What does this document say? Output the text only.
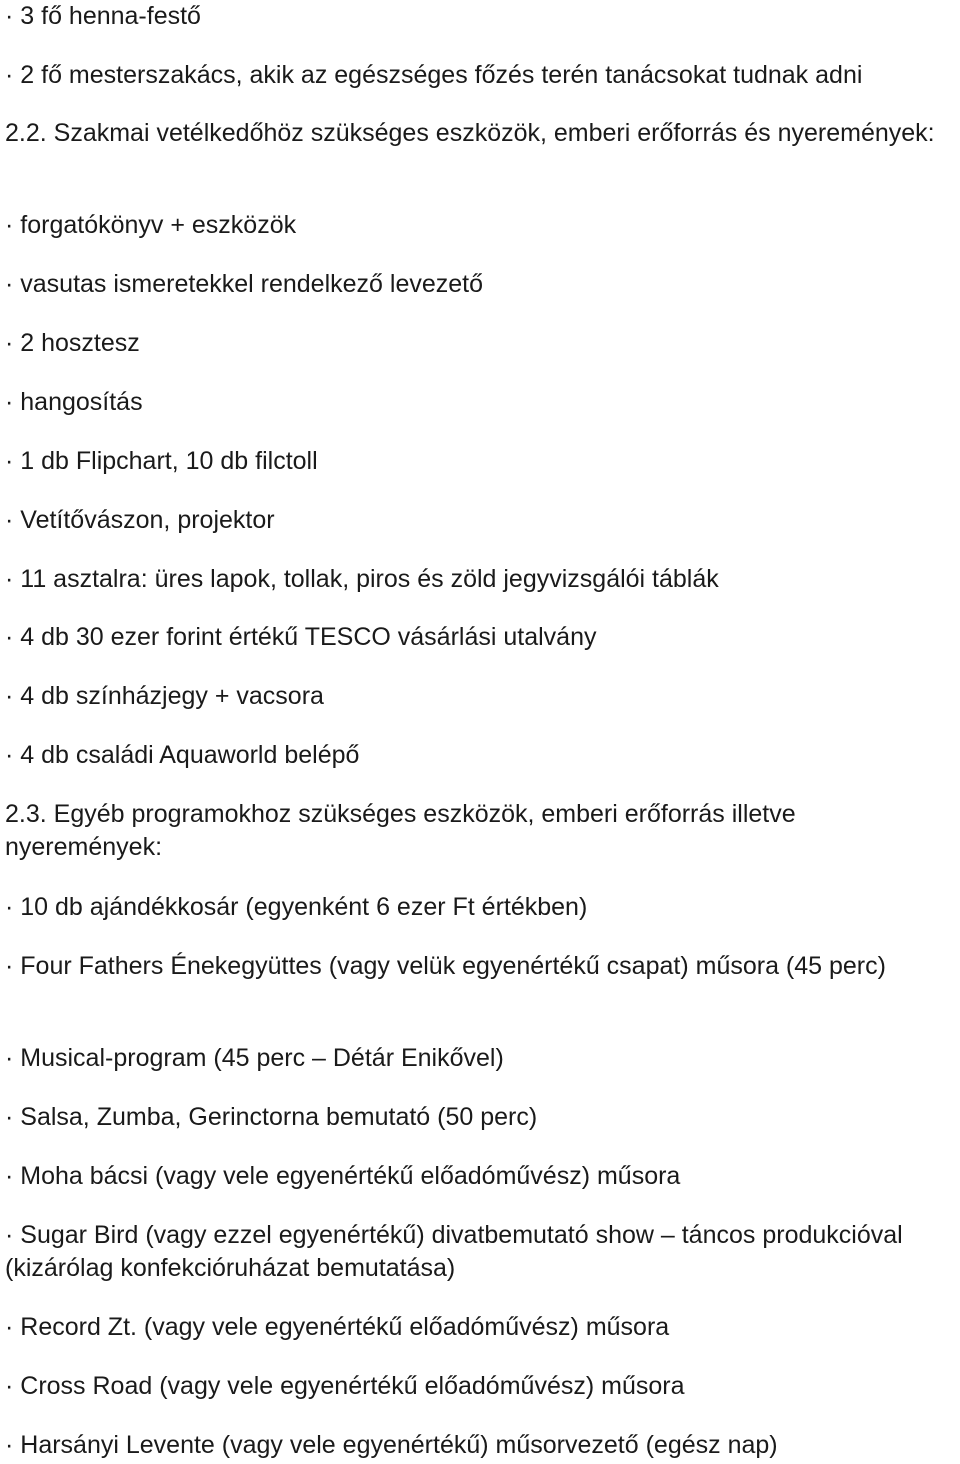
· 3 fő henna-festő

· 2 fő mesterszakács, akik az egészséges főzés terén tanácsokat tudnak adni

2.2. Szakmai vetélkedőhöz szükséges eszközök, emberi erőforrás és nyeremények:

· forgatókönyv + eszközök

· vasutas ismeretekkel rendelkező levezető

· 2 hosztesz

· hangosítás

· 1 db Flipchart, 10 db filctoll

· Vetítővászon, projektor

· 11 asztalra: üres lapok, tollak, piros és zöld jegyvizsgálói táblák

· 4 db 30 ezer forint értékű TESCO vásárlási utalvány

· 4 db színházjegy + vacsora

· 4 db családi Aquaworld belépő

2.3. Egyéb programokhoz szükséges eszközök, emberi erőforrás illetve nyeremények:

· 10 db ajándékkosár (egyenként 6 ezer Ft értékben)

· Four Fathers Énekegyüttes (vagy velük egyenértékű csapat) műsora (45 perc)

· Musical-program (45 perc – Détár Enikővel)

· Salsa, Zumba, Gerinctorna bemutató (50 perc)

· Moha bácsi (vagy vele egyenértékű előadóművész) műsora

· Sugar Bird (vagy ezzel egyenértékű) divatbemutató show – táncos produkcióval (kizárólag konfekcióruházat bemutatása)

· Record Zt. (vagy vele egyenértékű előadóművész) műsora

· Cross Road (vagy vele egyenértékű előadóművész) műsora

· Harsányi Levente (vagy vele egyenértékű) műsorvezető (egész nap)
